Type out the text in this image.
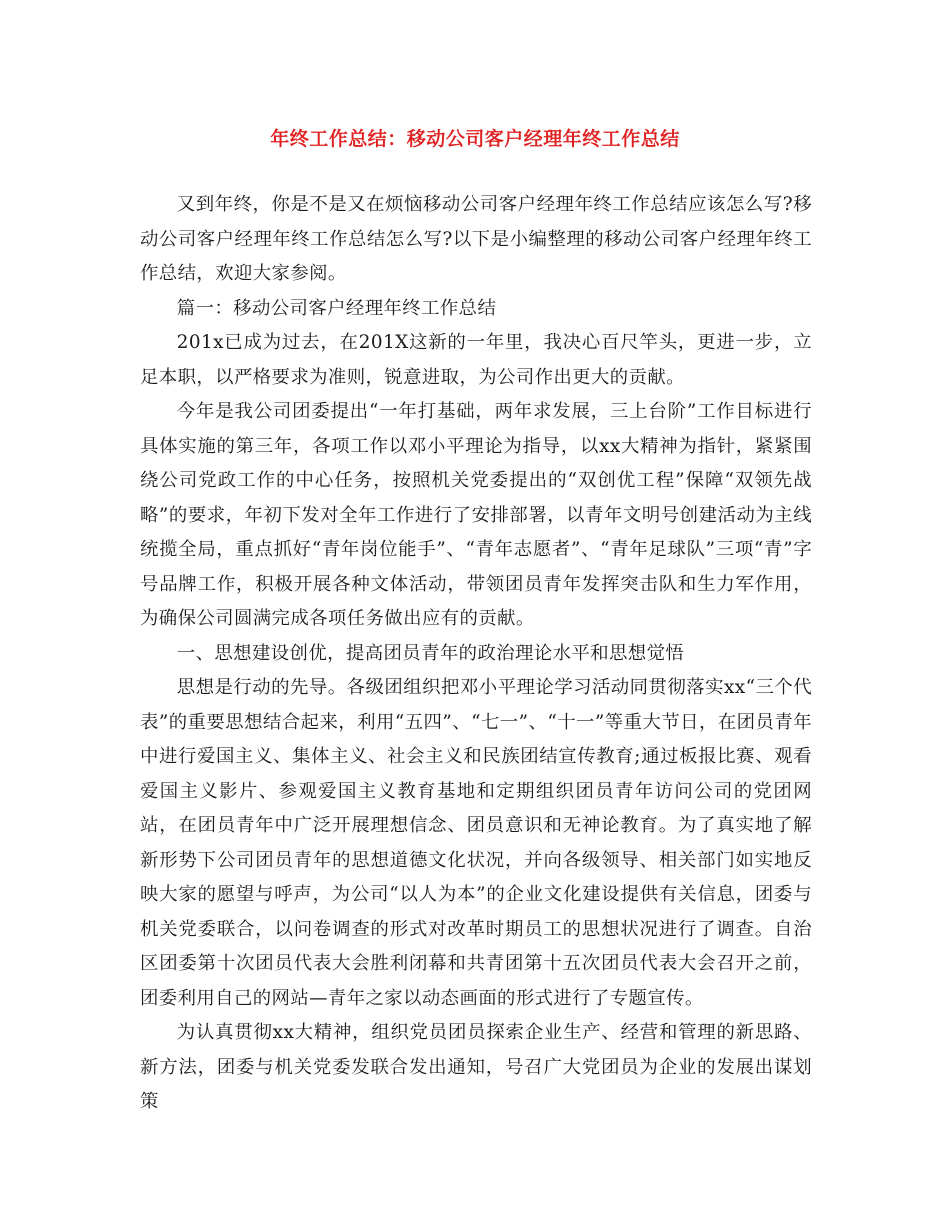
年终工作总结：移动公司客户经理年终工作总结

又到年终，你是不是又在烦恼移动公司客户经理年终工作总结应该怎么写?移动公司客户经理年终工作总结怎么写?以下是小编整理的移动公司客户经理年终工作总结，欢迎大家参阅。

篇一：移动公司客户经理年终工作总结

201x已成为过去，在201X这新的一年里，我决心百尺竿头，更进一步，立足本职，以严格要求为准则，锐意进取，为公司作出更大的贡献。

今年是我公司团委提出“一年打基础，两年求发展，三上台阶”工作目标进行具体实施的第三年，各项工作以邓小平理论为指导，以xx大精神为指针，紧紧围绕公司党政工作的中心任务，按照机关党委提出的“双创优工程”保障“双领先战略”的要求，年初下发对全年工作进行了安排部署，以青年文明号创建活动为主线统揽全局，重点抓好“青年岗位能手”、“青年志愿者”、“青年足球队”三项“青”字号品牌工作，积极开展各种文体活动，带领团员青年发挥突击队和生力军作用，为确保公司圆满完成各项任务做出应有的贡献。

一、思想建设创优，提高团员青年的政治理论水平和思想觉悟

思想是行动的先导。各级团组织把邓小平理论学习活动同贯彻落实xx“三个代表”的重要思想结合起来，利用“五四”、“七一”、“十一”等重大节日，在团员青年中进行爱国主义、集体主义、社会主义和民族团结宣传教育;通过板报比赛、观看爱国主义影片、参观爱国主义教育基地和定期组织团员青年访问公司的党团网站，在团员青年中广泛开展理想信念、团员意识和无神论教育。为了真实地了解新形势下公司团员青年的思想道德文化状况，并向各级领导、相关部门如实地反映大家的愿望与呼声，为公司“以人为本”的企业文化建设提供有关信息，团委与机关党委联合，以问卷调查的形式对改革时期员工的思想状况进行了调查。自治区团委第十次团员代表大会胜利闭幕和共青团第十五次团员代表大会召开之前，团委利用自己的网站—青年之家以动态画面的形式进行了专题宣传。

为认真贯彻xx大精神，组织党员团员探索企业生产、经营和管理的新思路、新方法，团委与机关党委发联合发出通知，号召广大党团员为企业的发展出谋划策
